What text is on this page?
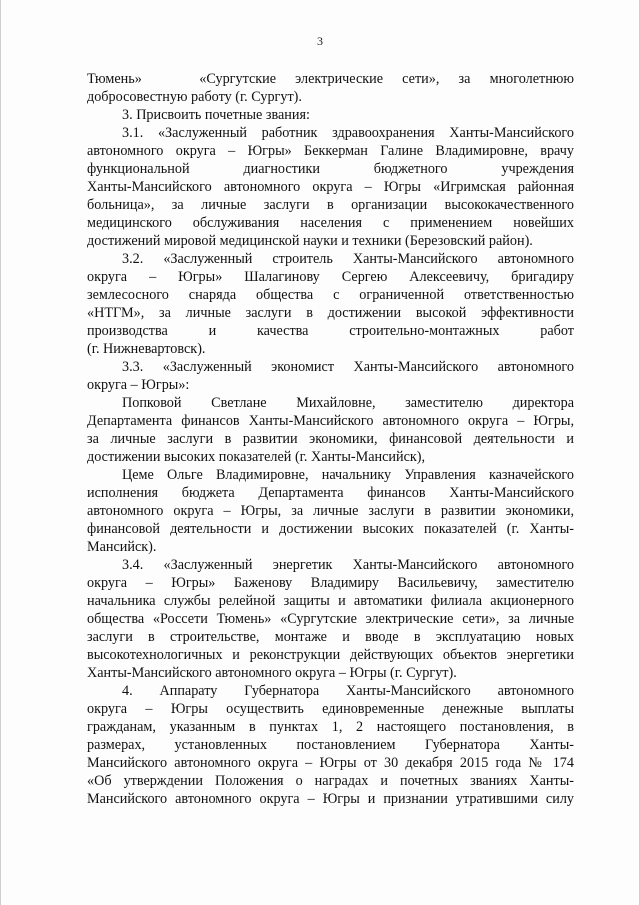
3
Тюмень»   «Сургутские электрические сети», за многолетнюю
добросовестную работу (г. Сургут).
3. Присвоить почетные звания:
3.1. «Заслуженный работник здравоохранения Ханты-Мансийского
автономного округа – Югры» Беккерман Галине Владимировне, врачу
функциональной диагностики бюджетного учреждения
Ханты-Мансийского автономного округа – Югры «Игримская районная
больница», за личные заслуги в организации высококачественного
медицинского обслуживания населения с применением новейших
достижений мировой медицинской науки и техники (Березовский район).
3.2. «Заслуженный строитель Ханты-Мансийского автономного
округа – Югры» Шалагинову Сергею Алексеевичу, бригадиру
землесосного снаряда общества с ограниченной ответственностью
«НТГМ», за личные заслуги в достижении высокой эффективности
производства и качества строительно-монтажных работ
(г. Нижневартовск).
3.3. «Заслуженный экономист Ханты-Мансийского автономного
округа – Югры»:
Попковой Светлане Михайловне, заместителю директора
Департамента финансов Ханты-Мансийского автономного округа – Югры,
за личные заслуги в развитии экономики, финансовой деятельности и
достижении высоких показателей (г. Ханты-Мансийск),
Цеме Ольге Владимировне, начальнику Управления казначейского
исполнения бюджета Департамента финансов Ханты-Мансийского
автономного округа – Югры, за личные заслуги в развитии экономики,
финансовой деятельности и достижении высоких показателей (г. Ханты-
Мансийск).
3.4. «Заслуженный энергетик Ханты-Мансийского автономного
округа – Югры» Баженову Владимиру Васильевичу, заместителю
начальника службы релейной защиты и автоматики филиала акционерного
общества «Россети Тюмень» «Сургутские электрические сети», за личные
заслуги в строительстве, монтаже и вводе в эксплуатацию новых
высокотехнологичных и реконструкции действующих объектов энергетики
Ханты-Мансийского автономного округа – Югры (г. Сургут).
4. Аппарату Губернатора Ханты-Мансийского автономного
округа – Югры осуществить единовременные денежные выплаты
гражданам, указанным в пунктах 1, 2 настоящего постановления, в
размерах, установленных постановлением Губернатора Ханты-
Мансийского автономного округа – Югры от 30 декабря 2015 года № 174
«Об утверждении Положения о наградах и почетных званиях Ханты-
Мансийского автономного округа – Югры и признании утратившими силу
